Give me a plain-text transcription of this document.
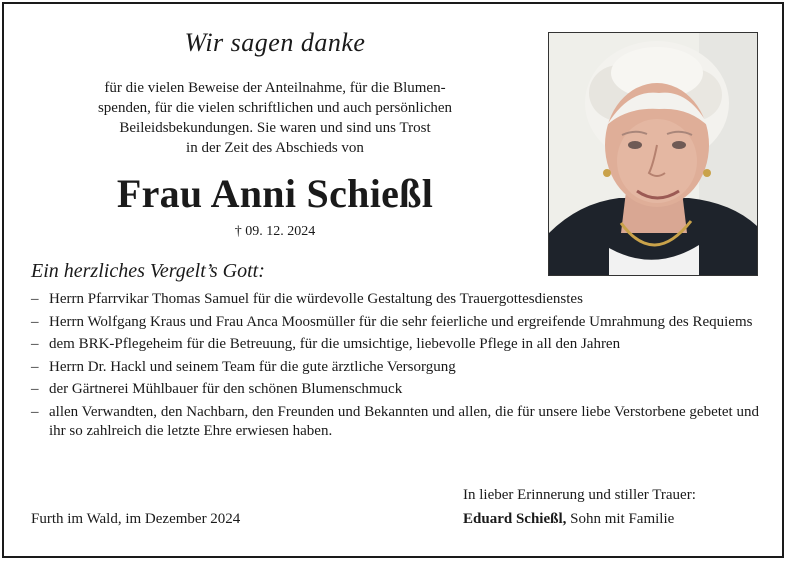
Wir sagen danke
für die vielen Beweise der Anteilnahme, für die Blumen-
spenden, für die vielen schriftlichen und auch persönlichen
Beileidsbekundungen. Sie waren und sind uns Trost
in der Zeit des Abschieds von
Frau Anni Schießl
† 09. 12. 2024
Ein herzliches Vergelt’s Gott:
– Herrn Pfarrvikar Thomas Samuel für die würdevolle Gestaltung des Trauergottesdienstes
– Herrn Wolfgang Kraus und Frau Anca Moosmüller für die sehr feierliche und ergreifende Umrahmung des Requiems
– dem BRK-Pflegeheim für die Betreuung, für die umsichtige, liebevolle Pflege in all den Jahren
– Herrn Dr. Hackl und seinem Team für die gute ärztliche Versorgung
– der Gärtnerei Mühlbauer für den schönen Blumenschmuck
– allen Verwandten, den Nachbarn, den Freunden und Bekannten und allen, die für unsere liebe Verstorbene gebetet und ihr so zahlreich die letzte Ehre erwiesen haben.
Furth im Wald, im Dezember 2024
In lieber Erinnerung und stiller Trauer:
Eduard Schießl, Sohn mit Familie
